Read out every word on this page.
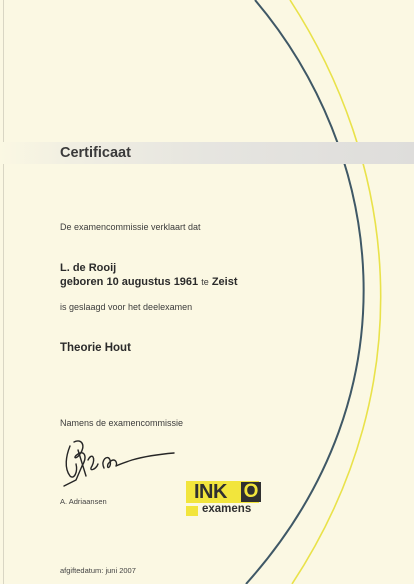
Certificaat
De examencommissie verklaart dat
L. de Rooij
geboren 10 augustus 1961 te Zeist
is geslaagd voor het deelexamen
Theorie Hout
Namens de examencommissie
A. Adriaansen	INK O
examens
afgiftedatum: juni 2007
